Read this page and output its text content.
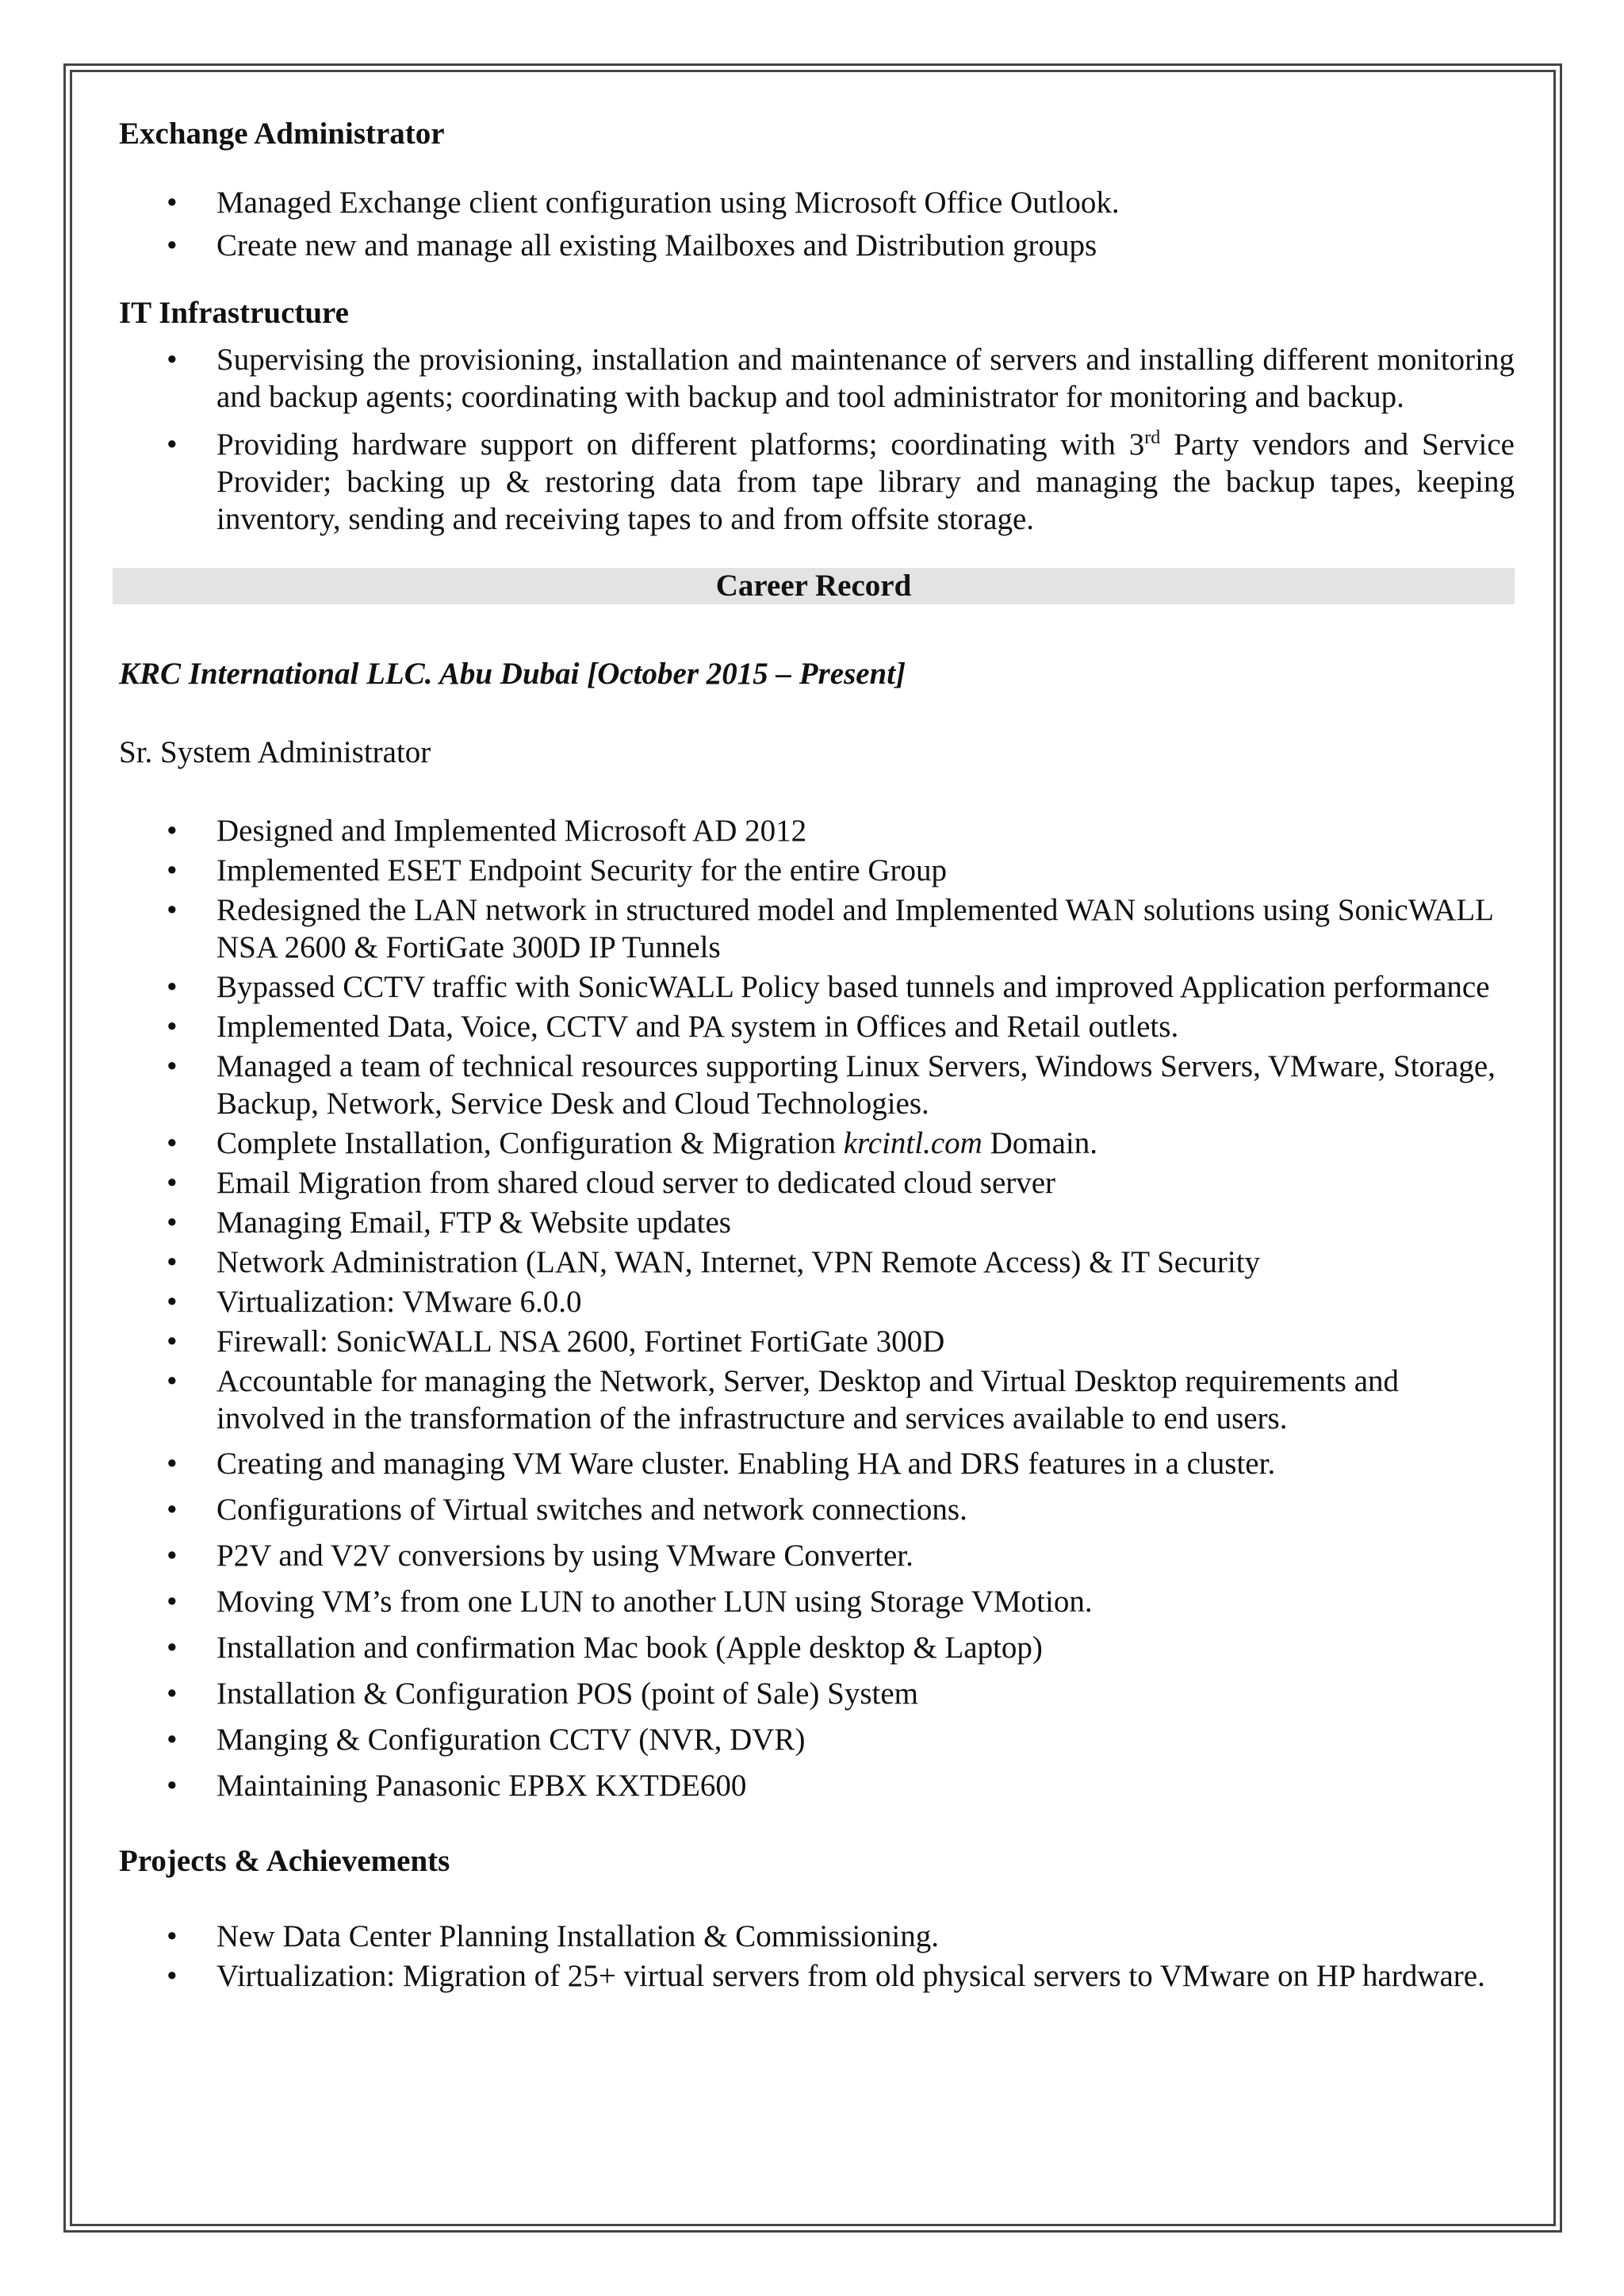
Exchange Administrator
• Managed Exchange client configuration using Microsoft Office Outlook.
• Create new and manage all existing Mailboxes and Distribution groups
IT Infrastructure
• Supervising the provisioning, installation and maintenance of servers and installing different monitoring and backup agents; coordinating with backup and tool administrator for monitoring and backup.
• Providing hardware support on different platforms; coordinating with 3rd Party vendors and Service Provider; backing up & restoring data from tape library and managing the backup tapes, keeping inventory, sending and receiving tapes to and from offsite storage.
Career Record

KRC International LLC. Abu Dubai [October 2015 – Present]

Sr. System Administrator

• Designed and Implemented Microsoft AD 2012
• Implemented ESET Endpoint Security for the entire Group
• Redesigned the LAN network in structured model and Implemented WAN solutions using SonicWALL NSA 2600 & FortiGate 300D IP Tunnels
• Bypassed CCTV traffic with SonicWALL Policy based tunnels and improved Application performance
• Implemented Data, Voice, CCTV and PA system in Offices and Retail outlets.
• Managed a team of technical resources supporting Linux Servers, Windows Servers, VMware, Storage, Backup, Network, Service Desk and Cloud Technologies.
• Complete Installation, Configuration & Migration krcintl.com Domain.
• Email Migration from shared cloud server to dedicated cloud server
• Managing Email, FTP & Website updates
• Network Administration (LAN, WAN, Internet, VPN Remote Access) & IT Security
• Virtualization: VMware 6.0.0
• Firewall: SonicWALL NSA 2600, Fortinet FortiGate 300D
• Accountable for managing the Network, Server, Desktop and Virtual Desktop requirements and involved in the transformation of the infrastructure and services available to end users.
• Creating and managing VM Ware cluster. Enabling HA and DRS features in a cluster.
• Configurations of Virtual switches and network connections.
• P2V and V2V conversions by using VMware Converter.
• Moving VM’s from one LUN to another LUN using Storage VMotion.
• Installation and confirmation Mac book (Apple desktop & Laptop)
• Installation & Configuration POS (point of Sale) System
• Manging & Configuration CCTV (NVR, DVR)
• Maintaining Panasonic EPBX KXTDE600
Projects & Achievements
• New Data Center Planning Installation & Commissioning.
• Virtualization: Migration of 25+ virtual servers from old physical servers to VMware on HP hardware.
